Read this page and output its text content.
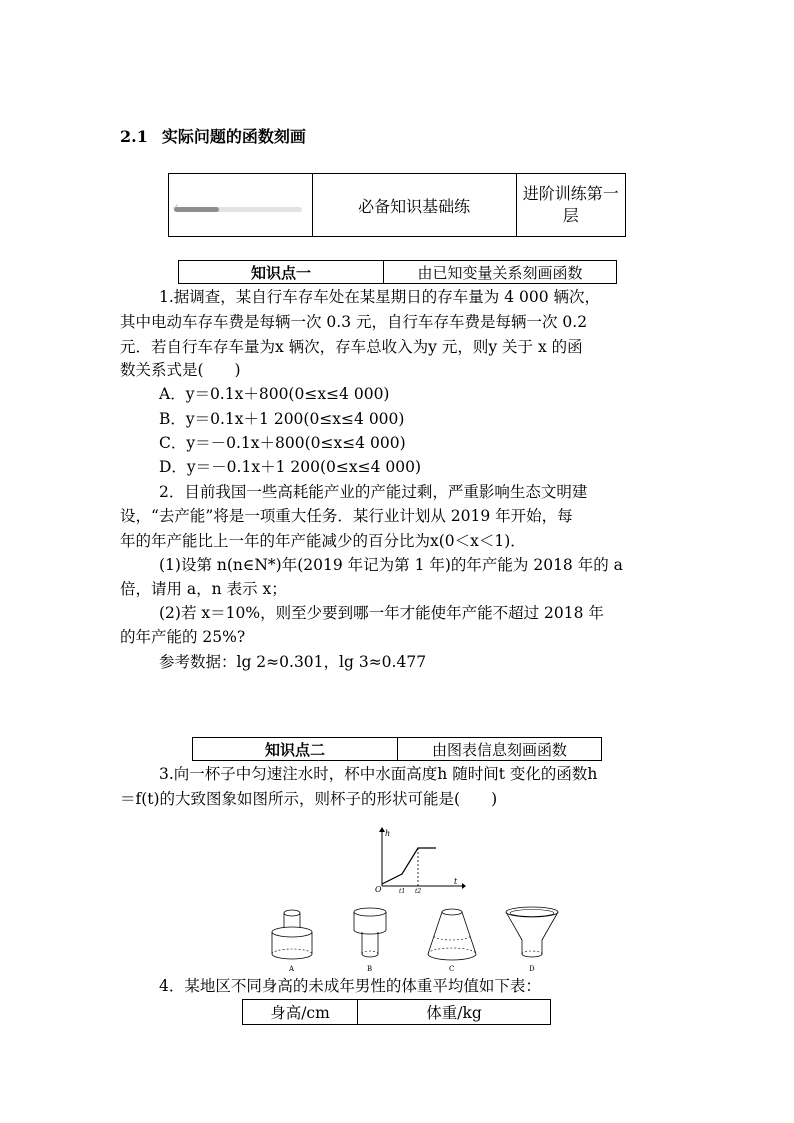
2.1 实际问题的函数刻画
	必备知识基础练	进阶训练第一层
✓
知识点一	由已知变量关系刻画函数
1.据调查，某自行车存车处在某星期日的存车量为 4 000 辆次，
其中电动车存车费是每辆一次 0.3 元，自行车存车费是每辆一次 0.2
元．若自行车存车量为x 辆次，存车总收入为y 元，则y 关于 x 的函
数关系式是(　　)
A．y＝0.1x＋800(0≤x≤4 000)
B．y＝0.1x＋1 200(0≤x≤4 000)
C．y＝－0.1x＋800(0≤x≤4 000)
D．y＝－0.1x＋1 200(0≤x≤4 000)
2．目前我国一些高耗能产业的产能过剩，严重影响生态文明建
设，“去产能”将是一项重大任务．某行业计划从 2019 年开始，每
年的年产能比上一年的年产能减少的百分比为x(0＜x＜1)．
(1)设第 n(n∈N*)年(2019 年记为第 1 年)的年产能为 2018 年的 a
倍，请用 a，n 表示 x；
(2)若 x＝10%，则至少要到哪一年才能使年产能不超过 2018 年
的年产能的 25%?
参考数据：lg 2≈0.301，lg 3≈0.477
知识点二	由图表信息刻画函数
3.向一杯子中匀速注水时，杯中水面高度h 随时间t 变化的函数h
＝f(t)的大致图象如图所示，则杯子的形状可能是(　　)
h
t
O	t1 t2
A	B	C	D
4．某地区不同身高的未成年男性的体重平均值如下表：
身高/cm	体重/kg
